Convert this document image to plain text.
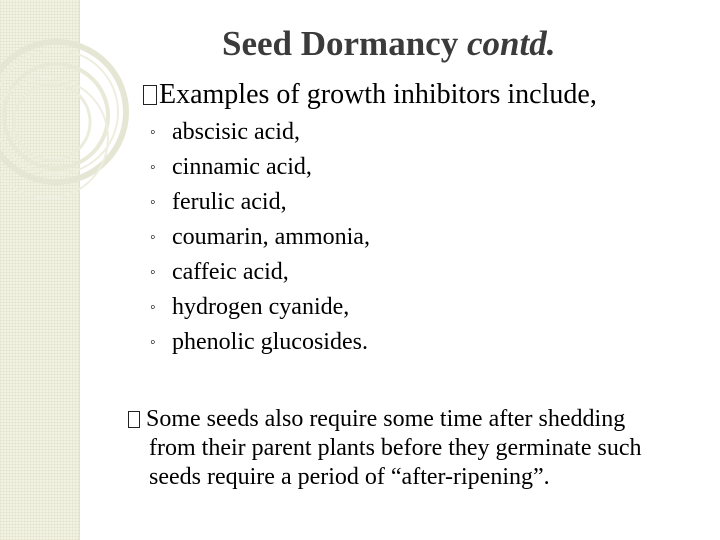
Seed Dormancy contd.
Examples of growth inhibitors include,
◦ abscisic acid,
◦ cinnamic acid,
◦ ferulic acid,
◦ coumarin, ammonia,
◦ caffeic acid,
◦ hydrogen cyanide,
◦ phenolic glucosides.
Some seeds also require some time after shedding
from their parent plants before they germinate such
seeds require a period of “after-ripening”.
